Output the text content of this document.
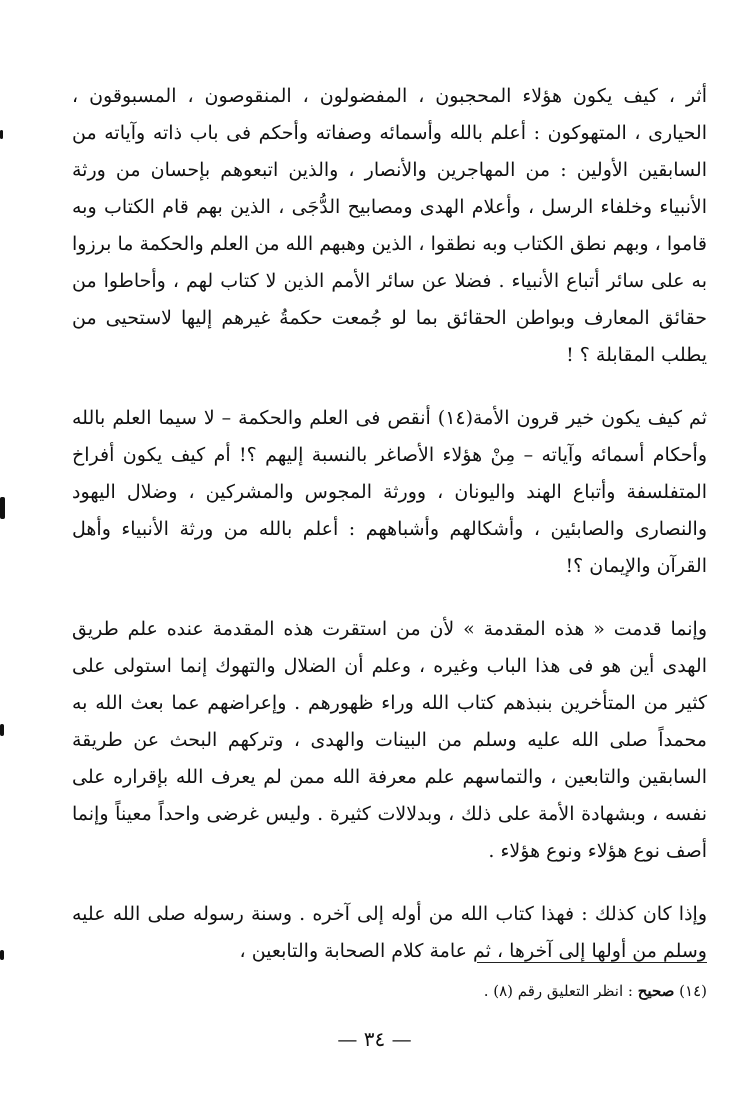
أثر ، كيف يكون هؤلاء المحجبون ، المفضولون ، المنقوصون ، المسبوقون ، الحيارى ، المتهوكون : أعلم بالله وأسمائه وصفاته وأحكم فى باب ذاته وآياته من السابقين الأولين : من المهاجرين والأنصار ، والذين اتبعوهم بإحسان من ورثة الأنبياء وخلفاء الرسل ، وأعلام الهدى ومصابيح الدُّجَى ، الذين بهم قام الكتاب وبه قاموا ، وبهم نطق الكتاب وبه نطقوا ، الذين وهبهم الله من العلم والحكمة ما برزوا به على سائر أتباع الأنبياء . فضلا عن سائر الأمم الذين لا كتاب لهم ، وأحاطوا من حقائق المعارف وبواطن الحقائق بما لو جُمعت حكمةُ غيرهم إليها لاستحيى من يطلب المقابلة ؟ !

ثم كيف يكون خير قرون الأمة(١٤) أنقص فى العلم والحكمة – لا سيما العلم بالله وأحكام أسمائه وآياته – مِنْ هؤلاء الأصاغر بالنسبة إليهم ؟! أم كيف يكون أفراخ المتفلسفة وأتباع الهند واليونان ، وورثة المجوس والمشركين ، وضلال اليهود والنصارى والصابئين ، وأشكالهم وأشباههم : أعلم بالله من ورثة الأنبياء وأهل القرآن والإيمان ؟!

وإنما قدمت « هذه المقدمة » لأن من استقرت هذه المقدمة عنده علم طريق الهدى أين هو فى هذا الباب وغيره ، وعلم أن الضلال والتهوك إنما استولى على كثير من المتأخرين بنبذهم كتاب الله وراء ظهورهم . وإعراضهم عما بعث الله به محمداً صلى الله عليه وسلم من البينات والهدى ، وتركهم البحث عن طريقة السابقين والتابعين ، والتماسهم علم معرفة الله ممن لم يعرف الله بإقراره على نفسه ، وبشهادة الأمة على ذلك ، وبدلالات كثيرة . وليس غرضى واحداً معيناً وإنما أصف نوع هؤلاء ونوع هؤلاء .

وإذا كان كذلك : فهذا كتاب الله من أوله إلى آخره . وسنة رسوله صلى الله عليه وسلم من أولها إلى آخرها ، ثم عامة كلام الصحابة والتابعين ،

(١٤) صحيح : انظر التعليق رقم (٨) .
— ٣٤ —
